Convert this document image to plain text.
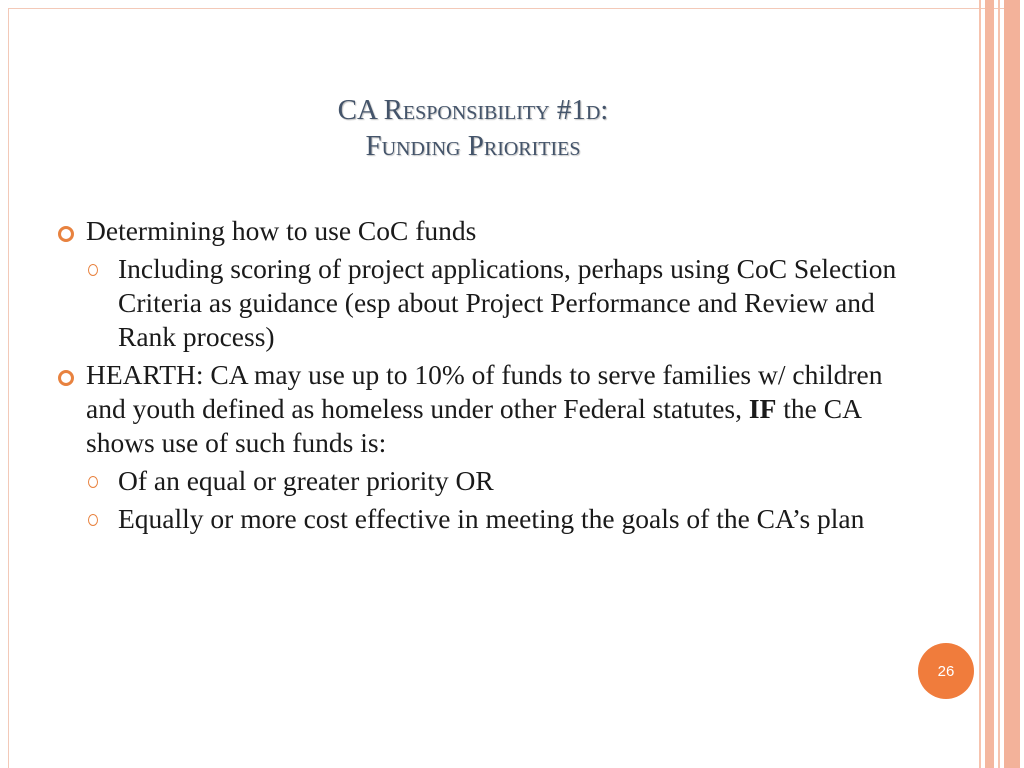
CA Responsibility #1d:
Funding Priorities
Determining how to use CoC funds
Including scoring of project applications, perhaps using CoC Selection Criteria as guidance (esp about Project Performance and Review and Rank process)
HEARTH: CA may use up to 10% of funds to serve families w/ children and youth defined as homeless under other Federal statutes, IF the CA shows use of such funds is:
Of an equal or greater priority OR
Equally or more cost effective in meeting the goals of the CA’s plan
26
